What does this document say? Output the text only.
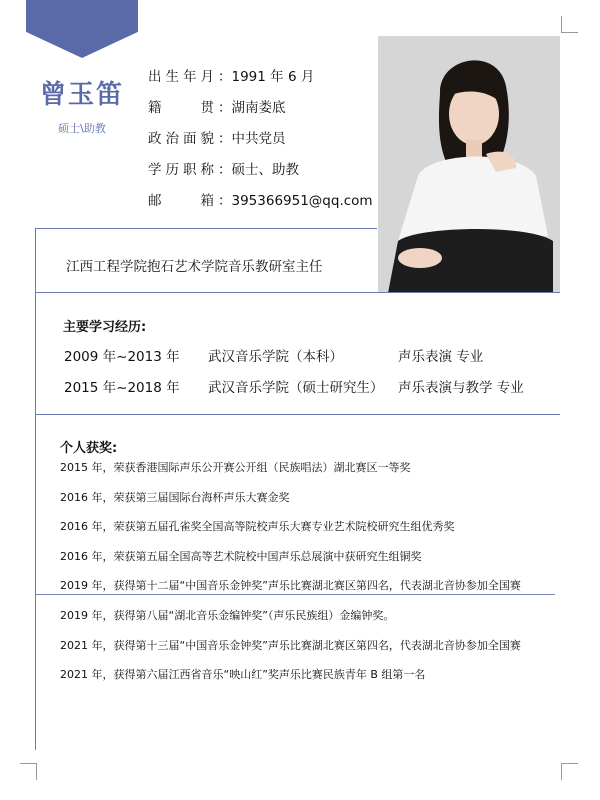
曾玉笛
硕士\助教
出生年月 ：1991 年 6 月
籍贯 ：湖南娄底
政治面貌 ：中共党员
学历职称 ：硕士、助教
邮箱 ：395366951@qq.com
江西工程学院抱石艺术学院音乐教研室主任
主要学习经历:
2009 年~2013 年 武汉音乐学院（本科）	声乐表演 专业
2015 年~2018 年 武汉音乐学院（硕士研究生） 声乐表演与教学 专业
个人获奖:
2015 年，荣获香港国际声乐公开赛公开组（民族唱法）湖北赛区一等奖
2016 年，荣获第三届国际台海杯声乐大赛金奖
2016 年，荣获第五届孔雀奖全国高等院校声乐大赛专业艺术院校研究生组优秀奖
2016 年，荣获第五届全国高等艺术院校中国声乐总展演中获研究生组铜奖
2019 年，获得第十二届“中国音乐金钟奖”声乐比赛湖北赛区第四名，代表湖北音协参加全国赛
2019 年，获得第八届“湖北音乐金编钟奖”（声乐民族组）金编钟奖。
2021 年，获得第十三届“中国音乐金钟奖”声乐比赛湖北赛区第四名，代表湖北音协参加全国赛
2021 年，获得第六届江西省音乐“映山红”奖声乐比赛民族青年 B 组第一名
